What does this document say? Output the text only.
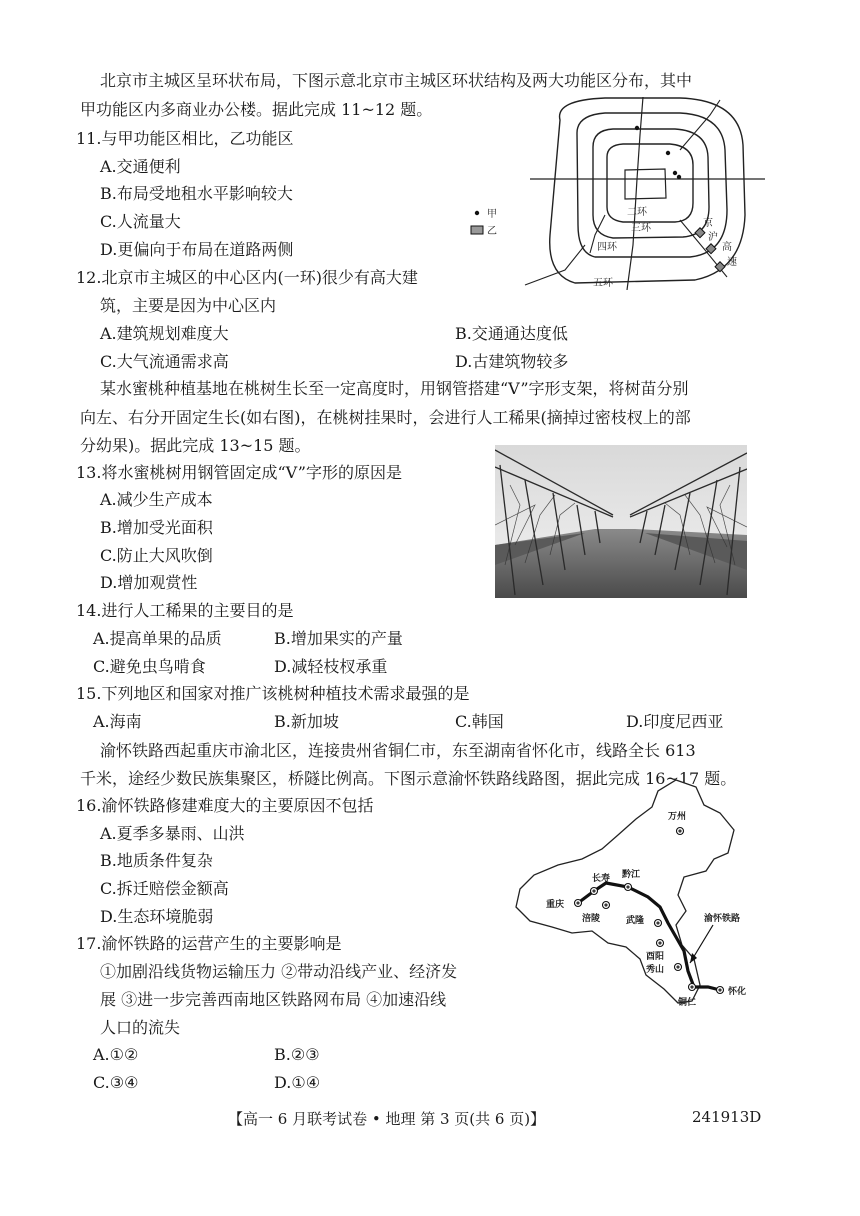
北京市主城区呈环状布局，下图示意北京市主城区环状结构及两大功能区分布，其中
甲功能区内多商业办公楼。据此完成 11~12 题。
11.与甲功能区相比，乙功能区
A.交通便利
B.布局受地租水平影响较大
C.人流量大
D.更偏向于布局在道路两侧
12.北京市主城区的中心区内(一环)很少有高大建
筑，主要是因为中心区内
A.建筑规划难度大	B.交通通达度低
C.大气流通需求高	D.古建筑物较多
甲
乙
二环
三环
四环
五环
京
沪
高
速
某水蜜桃种植基地在桃树生长至一定高度时，用钢管搭建“V”字形支架，将树苗分别
向左、右分开固定生长(如右图)，在桃树挂果时，会进行人工稀果(摘掉过密枝杈上的部
分幼果)。据此完成 13~15 题。
13.将水蜜桃树用钢管固定成“V”字形的原因是
A.减少生产成本
B.增加受光面积
C.防止大风吹倒
D.增加观赏性
14.进行人工稀果的主要目的是
A.提高单果的品质	B.增加果实的产量
C.避免虫鸟啃食	D.减轻枝杈承重
15.下列地区和国家对推广该桃树种植技术需求最强的是
A.海南	B.新加坡	C.韩国	D.印度尼西亚
渝怀铁路西起重庆市渝北区，连接贵州省铜仁市，东至湖南省怀化市，线路全长 613
千米，途经少数民族集聚区，桥隧比例高。下图示意渝怀铁路线路图，据此完成 16~17 题。
16.渝怀铁路修建难度大的主要原因不包括
A.夏季多暴雨、山洪
B.地质条件复杂
C.拆迁赔偿金额高
D.生态环境脆弱
17.渝怀铁路的运营产生的主要影响是
①加剧沿线货物运输压力 ②带动沿线产业、经济发
展 ③进一步完善西南地区铁路网布局 ④加速沿线
人口的流失
A.①②	B.②③
C.③④	D.①④
万州
长寿 黔江
重庆
涪陵	武隆
酉阳
秀山
铜仁
怀化
渝怀铁路
【高一 6 月联考试卷 • 地理 第 3 页(共 6 页)】	241913D
